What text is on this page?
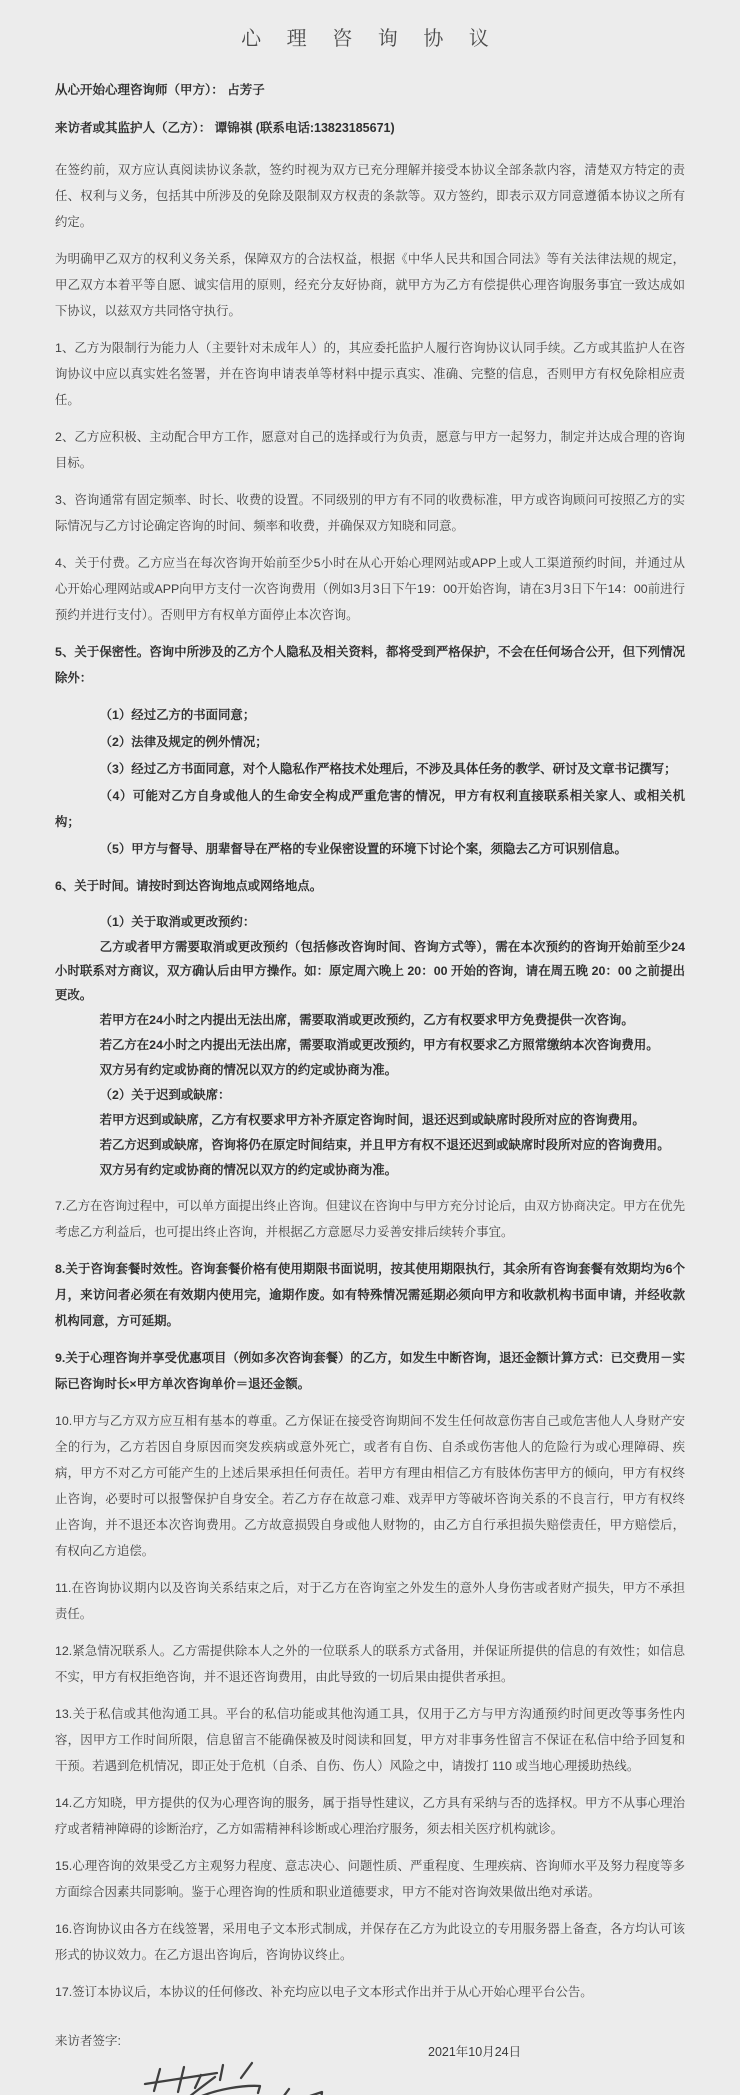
心 理 咨 询 协 议
从心开始心理咨询师（甲方）： 占芳子
来访者或其监护人（乙方）： 谭锦祺 (联系电话:13823185671)

在签约前，双方应认真阅读协议条款，签约时视为双方已充分理解并接受本协议全部条款内容，清楚双方特定的责任、权利与义务，包括其中所涉及的免除及限制双方权责的条款等。双方签约，即表示双方同意遵循本协议之所有约定。

为明确甲乙双方的权利义务关系，保障双方的合法权益，根据《中华人民共和国合同法》等有关法律法规的规定，甲乙双方本着平等自愿、诚实信用的原则，经充分友好协商，就甲方为乙方有偿提供心理咨询服务事宜一致达成如下协议，以兹双方共同恪守执行。

1、乙方为限制行为能力人（主要针对未成年人）的，其应委托监护人履行咨询协议认同手续。乙方或其监护人在咨询协议中应以真实姓名签署，并在咨询申请表单等材料中提示真实、准确、完整的信息，否则甲方有权免除相应责任。

2、乙方应积极、主动配合甲方工作，愿意对自己的选择或行为负责，愿意与甲方一起努力，制定并达成合理的咨询目标。

3、咨询通常有固定频率、时长、收费的设置。不同级别的甲方有不同的收费标准，甲方或咨询顾问可按照乙方的实际情况与乙方讨论确定咨询的时间、频率和收费，并确保双方知晓和同意。

4、关于付费。乙方应当在每次咨询开始前至少5小时在从心开始心理网站或APP上或人工渠道预约时间，并通过从心开始心理网站或APP向甲方支付一次咨询费用（例如3月3日下午19：00开始咨询，请在3月3日下午14：00前进行预约并进行支付）。否则甲方有权单方面停止本次咨询。

5、关于保密性。咨询中所涉及的乙方个人隐私及相关资料，都将受到严格保护，不会在任何场合公开，但下列情况除外：

（1）经过乙方的书面同意；

（2）法律及规定的例外情况；

（3）经过乙方书面同意，对个人隐私作严格技术处理后，不涉及具体任务的教学、研讨及文章书记撰写；

（4）可能对乙方自身或他人的生命安全构成严重危害的情况，甲方有权利直接联系相关家人、或相关机构；

（5）甲方与督导、朋辈督导在严格的专业保密设置的环境下讨论个案，须隐去乙方可识别信息。

6、关于时间。请按时到达咨询地点或网络地点。

（1）关于取消或更改预约：

乙方或者甲方需要取消或更改预约（包括修改咨询时间、咨询方式等），需在本次预约的咨询开始前至少24小时联系对方商议，双方确认后由甲方操作。如：原定周六晚上 20：00 开始的咨询，请在周五晚 20：00 之前提出更改。

若甲方在24小时之内提出无法出席，需要取消或更改预约，乙方有权要求甲方免费提供一次咨询。

若乙方在24小时之内提出无法出席，需要取消或更改预约，甲方有权要求乙方照常缴纳本次咨询费用。

双方另有约定或协商的情况以双方的约定或协商为准。

（2）关于迟到或缺席：

若甲方迟到或缺席，乙方有权要求甲方补齐原定咨询时间，退还迟到或缺席时段所对应的咨询费用。

若乙方迟到或缺席，咨询将仍在原定时间结束，并且甲方有权不退还迟到或缺席时段所对应的咨询费用。

双方另有约定或协商的情况以双方的约定或协商为准。

7.乙方在咨询过程中，可以单方面提出终止咨询。但建议在咨询中与甲方充分讨论后，由双方协商决定。甲方在优先考虑乙方利益后，也可提出终止咨询，并根据乙方意愿尽力妥善安排后续转介事宜。

8.关于咨询套餐时效性。咨询套餐价格有使用期限书面说明，按其使用期限执行，其余所有咨询套餐有效期均为6个月，来访问者必须在有效期内使用完，逾期作废。如有特殊情况需延期必须向甲方和收款机构书面申请，并经收款机构同意，方可延期。

9.关于心理咨询并享受优惠项目（例如多次咨询套餐）的乙方，如发生中断咨询，退还金额计算方式：已交费用－实际已咨询时长×甲方单次咨询单价＝退还金额。

10.甲方与乙方双方应互相有基本的尊重。乙方保证在接受咨询期间不发生任何故意伤害自己或危害他人人身财产安全的行为，乙方若因自身原因而突发疾病或意外死亡，或者有自伤、自杀或伤害他人的危险行为或心理障碍、疾病，甲方不对乙方可能产生的上述后果承担任何责任。若甲方有理由相信乙方有肢体伤害甲方的倾向，甲方有权终止咨询，必要时可以报警保护自身安全。若乙方存在故意刁难、戏弄甲方等破坏咨询关系的不良言行，甲方有权终止咨询，并不退还本次咨询费用。乙方故意损毁自身或他人财物的，由乙方自行承担损失赔偿责任，甲方赔偿后，有权向乙方追偿。

11.在咨询协议期内以及咨询关系结束之后，对于乙方在咨询室之外发生的意外人身伤害或者财产损失，甲方不承担责任。

12.紧急情况联系人。乙方需提供除本人之外的一位联系人的联系方式备用，并保证所提供的信息的有效性；如信息不实，甲方有权拒绝咨询，并不退还咨询费用，由此导致的一切后果由提供者承担。

13.关于私信或其他沟通工具。平台的私信功能或其他沟通工具，仅用于乙方与甲方沟通预约时间更改等事务性内容，因甲方工作时间所限，信息留言不能确保被及时阅读和回复，甲方对非事务性留言不保证在私信中给予回复和干预。若遇到危机情况，即正处于危机（自杀、自伤、伤人）风险之中，请拨打 110 或当地心理援助热线。

14.乙方知晓，甲方提供的仅为心理咨询的服务，属于指导性建议，乙方具有采纳与否的选择权。甲方不从事心理治疗或者精神障碍的诊断治疗，乙方如需精神科诊断或心理治疗服务，须去相关医疗机构就诊。

15.心理咨询的效果受乙方主观努力程度、意志决心、问题性质、严重程度、生理疾病、咨询师水平及努力程度等多方面综合因素共同影响。鉴于心理咨询的性质和职业道德要求，甲方不能对咨询效果做出绝对承诺。

16.咨询协议由各方在线签署，采用电子文本形式制成，并保存在乙方为此设立的专用服务器上备查，各方均认可该形式的协议效力。在乙方退出咨询后，咨询协议终止。

17.签订本协议后，本协议的任何修改、补充均应以电子文本形式作出并于从心开始心理平台公告。

来访者签字:

2021年10月24日
